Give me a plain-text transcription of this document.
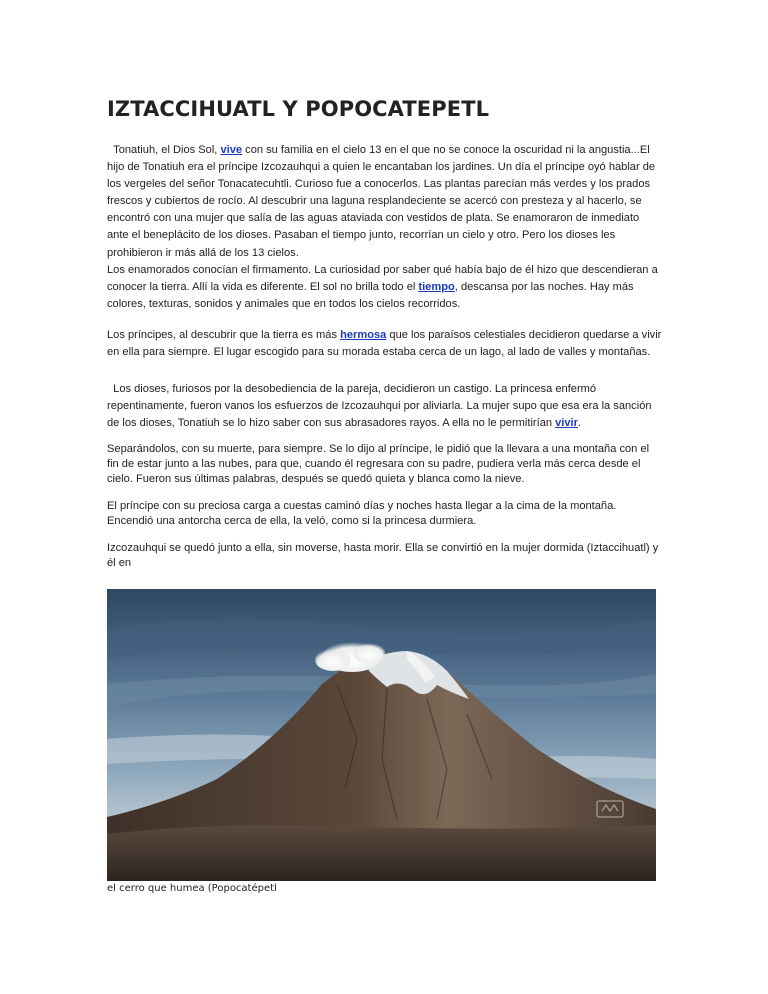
IZTACCIHUATL Y POPOCATEPETL

Tonatiuh, el Dios Sol, vive con su familia en el cielo 13 en el que no se conoce la oscuridad ni la angustia...El hijo de Tonatiuh era el príncipe Izcozauhqui a quien le encantaban los jardines. Un día el príncipe oyó hablar de los vergeles del señor Tonacatecuhtli. Curioso fue a conocerlos. Las plantas parecían más verdes y los prados frescos y cubiertos de rocío. Al descubrir una laguna resplandeciente se acercó con presteza y al hacerlo, se encontró con una mujer que salía de las aguas ataviada con vestidos de plata. Se enamoraron de inmediato ante el beneplácito de los dioses. Pasaban el tiempo junto, recorrían un cielo y otro. Pero los dioses les prohibieron ir más allá de los 13 cielos.

Los enamorados conocían el firmamento. La curiosidad por saber qué había bajo de él hizo que descendieran a conocer la tierra. Allí la vida es diferente. El sol no brilla todo el tiempo, descansa por las noches. Hay más colores, texturas, sonidos y animales que en todos los cielos recorridos.

Los príncipes, al descubrir que la tierra es más hermosa que los paraísos celestiales decidieron quedarse a vivir en ella para siempre. El lugar escogido para su morada estaba cerca de un lago, al lado de valles y montañas.

Los dioses, furiosos por la desobediencia de la pareja, decidieron un castigo. La princesa enfermó repentinamente, fueron vanos los esfuerzos de Izcozauhqui por aliviarla. La mujer supo que esa era la sanción de los dioses, Tonatiuh se lo hizo saber con sus abrasadores rayos. A ella no le permitirían vivir.

Separándolos, con su muerte, para siempre. Se lo dijo al príncipe, le pidió que la llevara a una montaña con el fin de estar junto a las nubes, para que, cuando él regresara con su padre, pudiera verla más cerca desde el cielo. Fueron sus últimas palabras, después se quedó quieta y blanca como la nieve.

El príncipe con su preciosa carga a cuestas caminó días y noches hasta llegar a la cima de la montaña. Encendió una antorcha cerca de ella, la veló, como si la princesa durmiera.

Izcozauhqui se quedó junto a ella, sin moverse, hasta morir. Ella se convirtió en la mujer dormida (Iztaccihuatl) y él en

el cerro que humea (Popocatépetl
